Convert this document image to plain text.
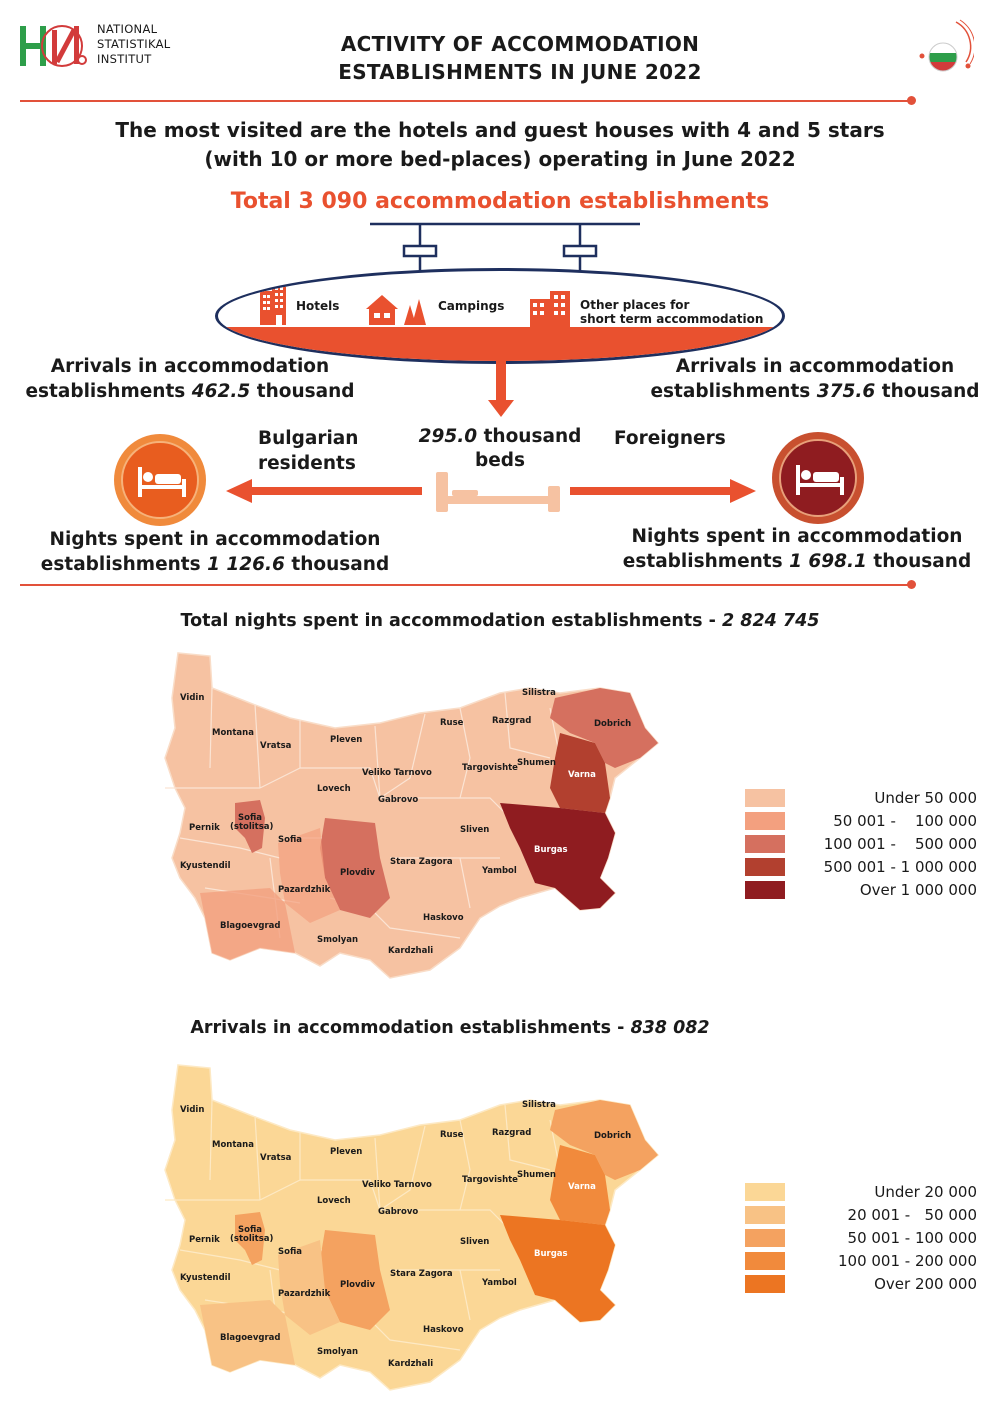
NATIONAL
STATISTIKAL
INSTITUT
ACTIVITY OF ACCOMMODATION
ESTABLISHMENTS IN JUNE 2022
The most visited are the hotels and guest houses with 4 and 5 stars
(with 10 or more bed-places) operating in June 2022
Total 3 090 accommodation establishments
Hotels	Campings	Other places for
short term accommodation
Arrivals in accommodation
establishments 462.5 thousand
Arrivals in accommodation
establishments 375.6 thousand
Bulgarian
residents
Foreigners
295.0 thousand
beds
Nights spent in accommodation
establishments 1 126.6 thousand
Nights spent in accommodation
establishments 1 698.1 thousand
Total nights spent in accommodation establishments - 2 824 745
Vidin
Montana
Vratsa
Pleven
Ruse	Razgrad
Silistra
Dobrich
Shumen
Targovishte
Veliko Tarnovo	Varna
Lovech
Gabrovo
Sofia
Sofia
(stolitsa)
Pernik
Kyustendil
Pazardzhik
Plovdiv
Stara Zagora
Sliven
Yambol
Burgas
Haskovo
Kardzhali
Smolyan
Blagoevgrad
Under 50 000
50 001 -    100 000
100 001 -    500 000
500 001 - 1 000 000
Over 1 000 000
Arrivals in accommodation establishments - 838 082
Vidin
Montana
Vratsa
Pleven
Ruse	Razgrad
Silistra
Dobrich
Shumen
Targovishte
Veliko Tarnovo	Varna
Lovech
Gabrovo
Sofia
Sofia
(stolitsa)
Pernik
Kyustendil
Pazardzhik
Plovdiv
Stara Zagora
Sliven
Yambol
Burgas
Haskovo
Kardzhali
Smolyan
Blagoevgrad
Under 20 000
20 001 -   50 000
50 001 - 100 000
100 001 - 200 000
Over 200 000
